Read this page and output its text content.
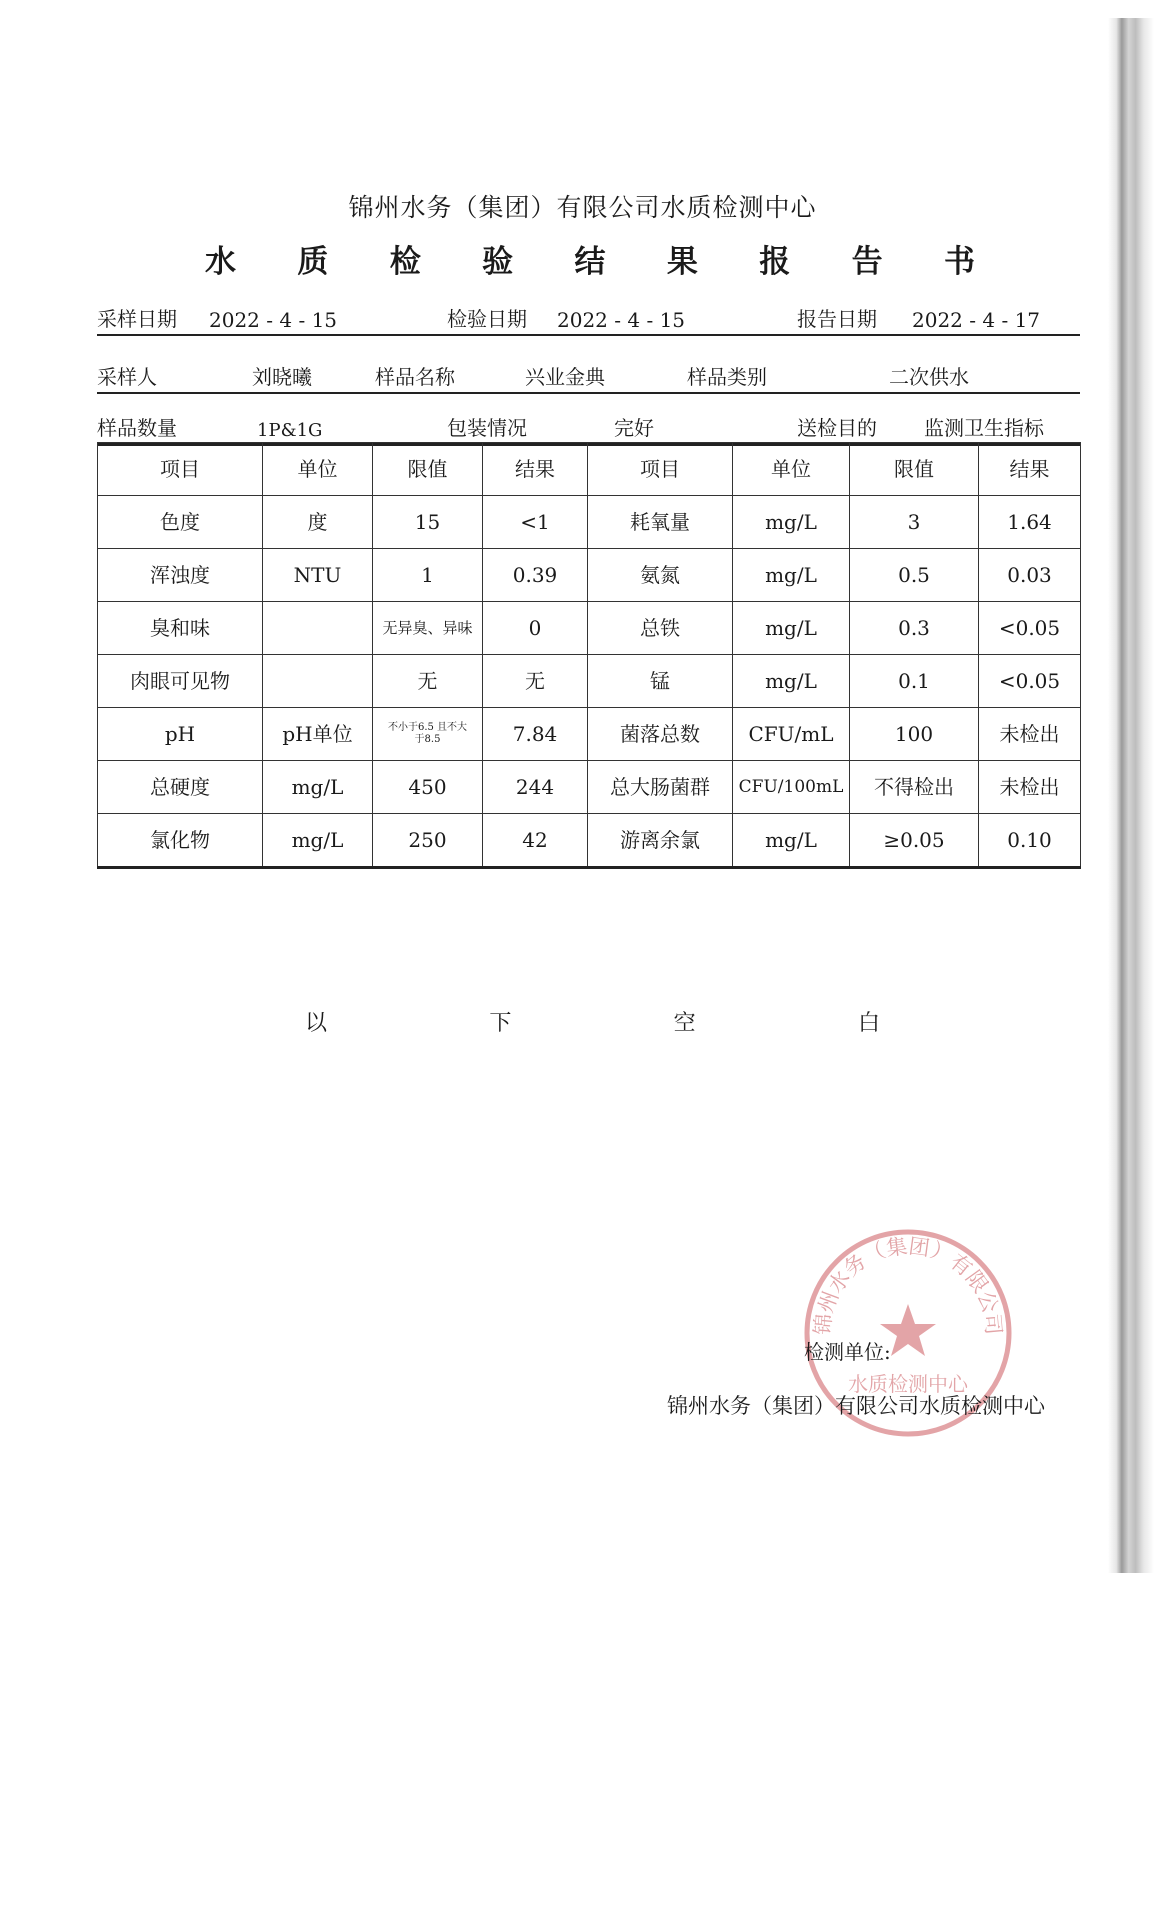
锦州水务（集团）有限公司水质检测中心
水 质 检 验 结 果 报 告 书
采样日期 2022 - 4 - 15	检验日期 2022 - 4 - 15	报告日期 2022 - 4 - 17
采样人	刘晓曦	样品名称	兴业金典	样品类别	二次供水
样品数量	1P&1G	包装情况	完好	送检目的 监测卫生指标
项目	单位	限值	结果	项目	单位	限值	结果
色度	度	15	<1	耗氧量	mg/L	3	1.64
浑浊度	NTU	1	0.39	氨氮	mg/L	0.5	0.03
臭和味		无异臭、异味	0	总铁	mg/L	0.3	<0.05
肉眼可见物		无	无	锰	mg/L	0.1	<0.05
pH	pH单位	不小于6.5 且不大于8.5	7.84	菌落总数	CFU/mL	100	未检出
总硬度	mg/L	450	244	总大肠菌群	CFU/100mL	不得检出	未检出
氯化物	mg/L	250	42	游离余氯	mg/L	≥0.05	0.10
以	下	空	白
锦州水务（集团）有限公司
水质检测中心
检测单位:
锦州水务（集团）有限公司水质检测中心
